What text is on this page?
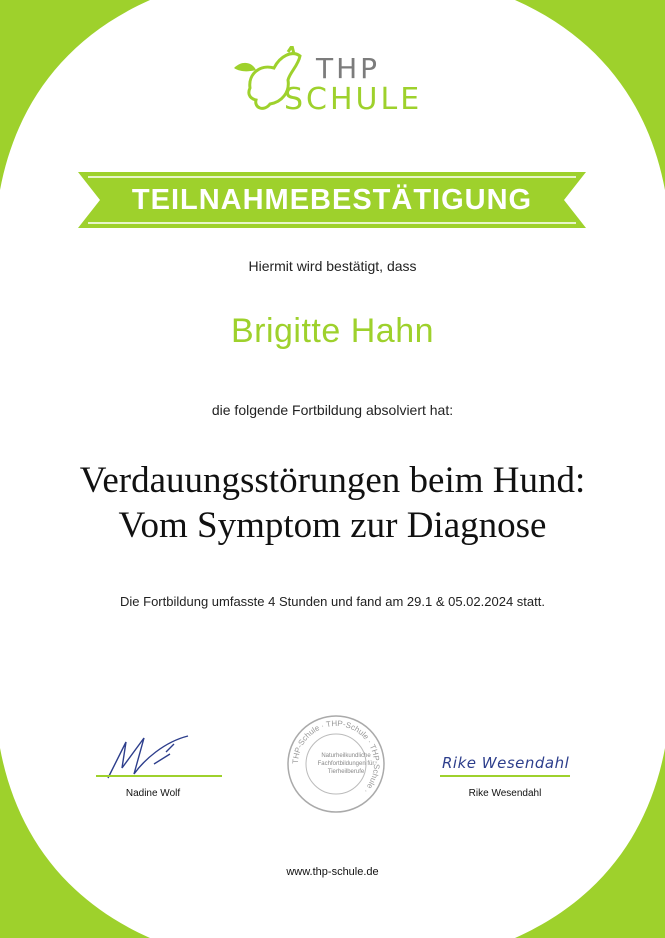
THP
SCHULE
TEILNAHMEBESTÄTIGUNG
Hiermit wird bestätigt, dass
Brigitte Hahn
die folgende Fortbildung absolviert hat:
Verdauungsstörungen beim Hund:
Vom Symptom zur Diagnose
Die Fortbildung umfasste 4 Stunden und fand am 29.1 & 05.02.2024 statt.
Nadine Wolf
THP-Schule · THP-Schule · THP-Schule ·
Naturheilkundliche Fachfortbildungen für Tierheilberufe	Rike Wesendahl
Rike Wesendahl
www.thp-schule.de
